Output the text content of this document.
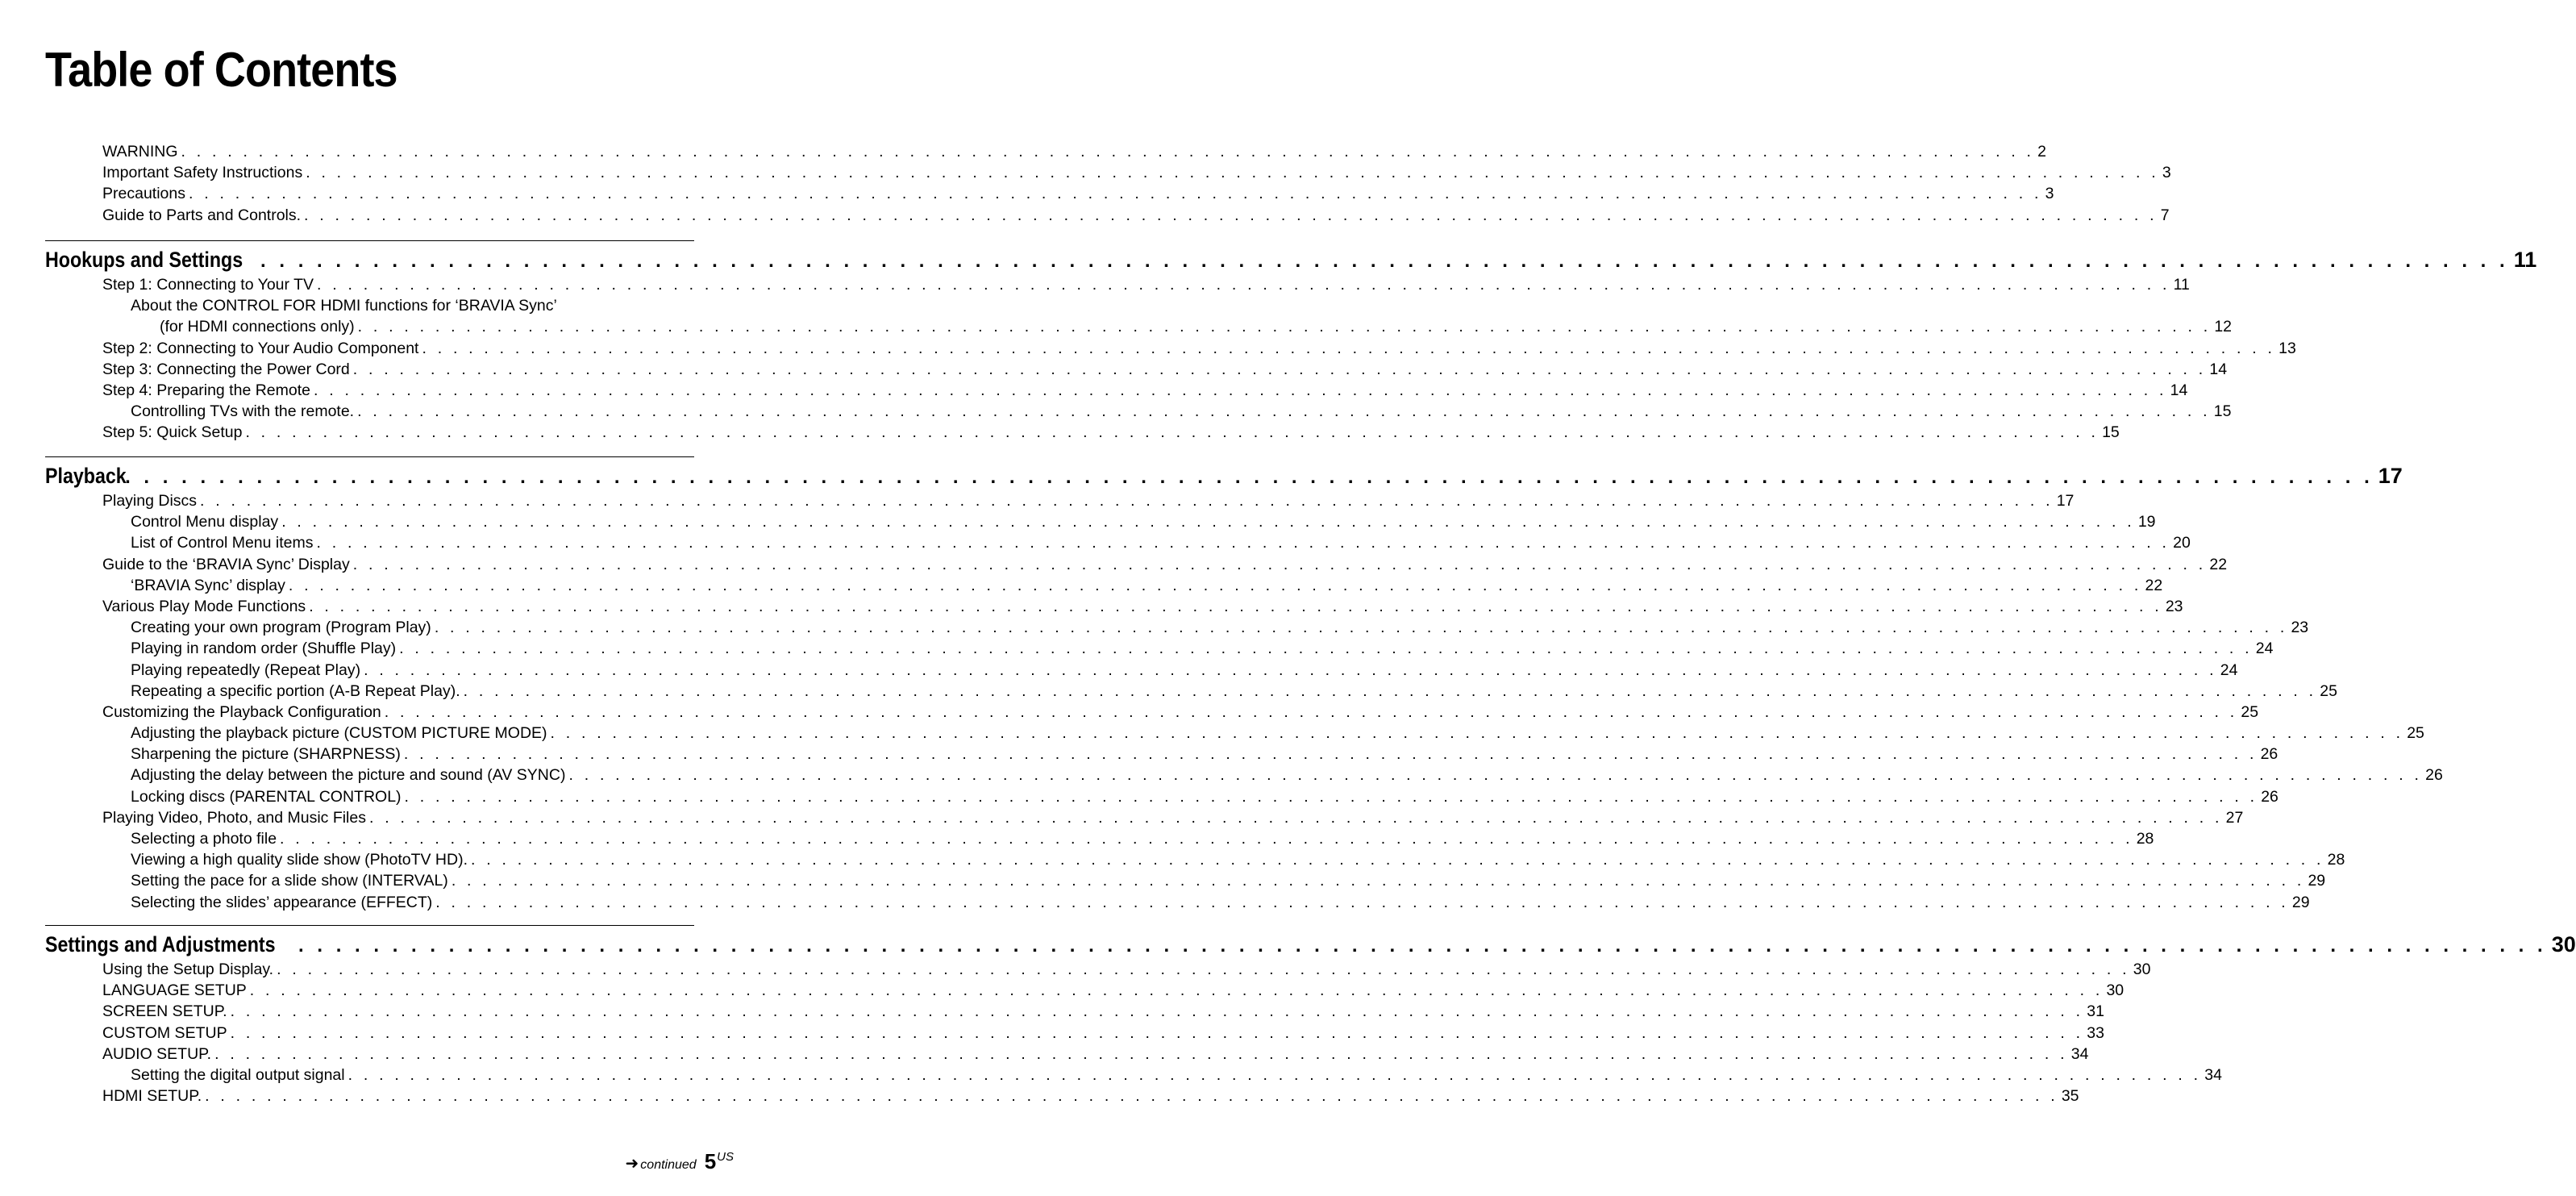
Table of Contents
WARNING . . . . . . . . . . . . . . . . . . . . . . . . . . . . . . . . . . . . . . . . . . . . . . . . . . . . . . . . . . . . . . . . . . . . . . . . . . . . . . . . . . . . . . . . . . . . . . . . . . . . . . . . . . . . . . . . . . . . . . . . 2
Important Safety Instructions . . . . . . . . . . . . . . . . . . . . . . . . . . . . . . . . . . . . . . . . . . . . . . . . . . . . . . . . . . . . . . . . . . . . . . . . . . . . . . . . . . . . . . . . . . . . . . . . . . . . . . . . . . . . . . . . . . . . . . . . 3
Precautions . . . . . . . . . . . . . . . . . . . . . . . . . . . . . . . . . . . . . . . . . . . . . . . . . . . . . . . . . . . . . . . . . . . . . . . . . . . . . . . . . . . . . . . . . . . . . . . . . . . . . . . . . . . . . . . . . . . . . . . . 3
Guide to Parts and Controls. . . . . . . . . . . . . . . . . . . . . . . . . . . . . . . . . . . . . . . . . . . . . . . . . . . . . . . . . . . . . . . . . . . . . . . . . . . . . . . . . . . . . . . . . . . . . . . . . . . . . . . . . . . . . . . . . . . . . . . . . 7
Hookups and Settings . . . . . . . . . . . . . . . . . . . . . . . . . . . . . . . . . . . . . . . . . . . . . . . . . . . . . . . . . . . . . . . . . . . . . . . . . . . . . . . . . . . . . . . . . . . . . . . . . . . . . . . . . . . . . . . . . . . . . . . . 11
Step 1: Connecting to Your TV . . . . . . . . . . . . . . . . . . . . . . . . . . . . . . . . . . . . . . . . . . . . . . . . . . . . . . . . . . . . . . . . . . . . . . . . . . . . . . . . . . . . . . . . . . . . . . . . . . . . . . . . . . . . . . . . . . . . . . . . 11
About the CONTROL FOR HDMI functions for ‘BRAVIA Sync’
(for HDMI connections only) . . . . . . . . . . . . . . . . . . . . . . . . . . . . . . . . . . . . . . . . . . . . . . . . . . . . . . . . . . . . . . . . . . . . . . . . . . . . . . . . . . . . . . . . . . . . . . . . . . . . . . . . . . . . . . . . . . . . . . . . 12
Step 2: Connecting to Your Audio Component . . . . . . . . . . . . . . . . . . . . . . . . . . . . . . . . . . . . . . . . . . . . . . . . . . . . . . . . . . . . . . . . . . . . . . . . . . . . . . . . . . . . . . . . . . . . . . . . . . . . . . . . . . . . . . . . . . . . . . . . 13
Step 3: Connecting the Power Cord . . . . . . . . . . . . . . . . . . . . . . . . . . . . . . . . . . . . . . . . . . . . . . . . . . . . . . . . . . . . . . . . . . . . . . . . . . . . . . . . . . . . . . . . . . . . . . . . . . . . . . . . . . . . . . . . . . . . . . . . 14
Step 4: Preparing the Remote . . . . . . . . . . . . . . . . . . . . . . . . . . . . . . . . . . . . . . . . . . . . . . . . . . . . . . . . . . . . . . . . . . . . . . . . . . . . . . . . . . . . . . . . . . . . . . . . . . . . . . . . . . . . . . . . . . . . . . . . 14
Controlling TVs with the remote. . . . . . . . . . . . . . . . . . . . . . . . . . . . . . . . . . . . . . . . . . . . . . . . . . . . . . . . . . . . . . . . . . . . . . . . . . . . . . . . . . . . . . . . . . . . . . . . . . . . . . . . . . . . . . . . . . . . . . . . . 15
Step 5: Quick Setup . . . . . . . . . . . . . . . . . . . . . . . . . . . . . . . . . . . . . . . . . . . . . . . . . . . . . . . . . . . . . . . . . . . . . . . . . . . . . . . . . . . . . . . . . . . . . . . . . . . . . . . . . . . . . . . . . . . . . . . . 15
Playback
. . . . . . . . . . . . . . . . . . . . . . . . . . . . . . . . . . . . . . . . . . . . . . . . . . . . . . . . . . . . . . . . . . . . . . . . . . . . . . . . . . . . . . . . . . . . . . . . . . . . . . . . . . . . . . . . . . . . . . . . 17
Playing Discs . . . . . . . . . . . . . . . . . . . . . . . . . . . . . . . . . . . . . . . . . . . . . . . . . . . . . . . . . . . . . . . . . . . . . . . . . . . . . . . . . . . . . . . . . . . . . . . . . . . . . . . . . . . . . . . . . . . . . . . . 17
Control Menu display . . . . . . . . . . . . . . . . . . . . . . . . . . . . . . . . . . . . . . . . . . . . . . . . . . . . . . . . . . . . . . . . . . . . . . . . . . . . . . . . . . . . . . . . . . . . . . . . . . . . . . . . . . . . . . . . . . . . . . . . 19
List of Control Menu items . . . . . . . . . . . . . . . . . . . . . . . . . . . . . . . . . . . . . . . . . . . . . . . . . . . . . . . . . . . . . . . . . . . . . . . . . . . . . . . . . . . . . . . . . . . . . . . . . . . . . . . . . . . . . . . . . . . . . . . . 20
Guide to the ‘BRAVIA Sync’ Display . . . . . . . . . . . . . . . . . . . . . . . . . . . . . . . . . . . . . . . . . . . . . . . . . . . . . . . . . . . . . . . . . . . . . . . . . . . . . . . . . . . . . . . . . . . . . . . . . . . . . . . . . . . . . . . . . . . . . . . . 22
‘BRAVIA Sync’ display . . . . . . . . . . . . . . . . . . . . . . . . . . . . . . . . . . . . . . . . . . . . . . . . . . . . . . . . . . . . . . . . . . . . . . . . . . . . . . . . . . . . . . . . . . . . . . . . . . . . . . . . . . . . . . . . . . . . . . . . 22
Various Play Mode Functions . . . . . . . . . . . . . . . . . . . . . . . . . . . . . . . . . . . . . . . . . . . . . . . . . . . . . . . . . . . . . . . . . . . . . . . . . . . . . . . . . . . . . . . . . . . . . . . . . . . . . . . . . . . . . . . . . . . . . . . . 23
Creating your own program (Program Play) . . . . . . . . . . . . . . . . . . . . . . . . . . . . . . . . . . . . . . . . . . . . . . . . . . . . . . . . . . . . . . . . . . . . . . . . . . . . . . . . . . . . . . . . . . . . . . . . . . . . . . . . . . . . . . . . . . . . . . . . 23
Playing in random order (Shuffle Play) . . . . . . . . . . . . . . . . . . . . . . . . . . . . . . . . . . . . . . . . . . . . . . . . . . . . . . . . . . . . . . . . . . . . . . . . . . . . . . . . . . . . . . . . . . . . . . . . . . . . . . . . . . . . . . . . . . . . . . . . 24
Playing repeatedly (Repeat Play) . . . . . . . . . . . . . . . . . . . . . . . . . . . . . . . . . . . . . . . . . . . . . . . . . . . . . . . . . . . . . . . . . . . . . . . . . . . . . . . . . . . . . . . . . . . . . . . . . . . . . . . . . . . . . . . . . . . . . . . . 24
Repeating a specific portion (A-B Repeat Play). . . . . . . . . . . . . . . . . . . . . . . . . . . . . . . . . . . . . . . . . . . . . . . . . . . . . . . . . . . . . . . . . . . . . . . . . . . . . . . . . . . . . . . . . . . . . . . . . . . . . . . . . . . . . . . . . . . . . . . . . 25
Customizing the Playback Configuration . . . . . . . . . . . . . . . . . . . . . . . . . . . . . . . . . . . . . . . . . . . . . . . . . . . . . . . . . . . . . . . . . . . . . . . . . . . . . . . . . . . . . . . . . . . . . . . . . . . . . . . . . . . . . . . . . . . . . . . . 25
Adjusting the playback picture (CUSTOM PICTURE MODE) . . . . . . . . . . . . . . . . . . . . . . . . . . . . . . . . . . . . . . . . . . . . . . . . . . . . . . . . . . . . . . . . . . . . . . . . . . . . . . . . . . . . . . . . . . . . . . . . . . . . . . . . . . . . . . . . . . . . . . . . 25
Sharpening the picture (SHARPNESS) . . . . . . . . . . . . . . . . . . . . . . . . . . . . . . . . . . . . . . . . . . . . . . . . . . . . . . . . . . . . . . . . . . . . . . . . . . . . . . . . . . . . . . . . . . . . . . . . . . . . . . . . . . . . . . . . . . . . . . . . 26
Adjusting the delay between the picture and sound (AV SYNC) . . . . . . . . . . . . . . . . . . . . . . . . . . . . . . . . . . . . . . . . . . . . . . . . . . . . . . . . . . . . . . . . . . . . . . . . . . . . . . . . . . . . . . . . . . . . . . . . . . . . . . . . . . . . . . . . . . . . . . . . 26
Locking discs (PARENTAL CONTROL) . . . . . . . . . . . . . . . . . . . . . . . . . . . . . . . . . . . . . . . . . . . . . . . . . . . . . . . . . . . . . . . . . . . . . . . . . . . . . . . . . . . . . . . . . . . . . . . . . . . . . . . . . . . . . . . . . . . . . . . . 26
Playing Video, Photo, and Music Files . . . . . . . . . . . . . . . . . . . . . . . . . . . . . . . . . . . . . . . . . . . . . . . . . . . . . . . . . . . . . . . . . . . . . . . . . . . . . . . . . . . . . . . . . . . . . . . . . . . . . . . . . . . . . . . . . . . . . . . . 27
Selecting a photo file . . . . . . . . . . . . . . . . . . . . . . . . . . . . . . . . . . . . . . . . . . . . . . . . . . . . . . . . . . . . . . . . . . . . . . . . . . . . . . . . . . . . . . . . . . . . . . . . . . . . . . . . . . . . . . . . . . . . . . . . 28
Viewing a high quality slide show (PhotoTV HD). . . . . . . . . . . . . . . . . . . . . . . . . . . . . . . . . . . . . . . . . . . . . . . . . . . . . . . . . . . . . . . . . . . . . . . . . . . . . . . . . . . . . . . . . . . . . . . . . . . . . . . . . . . . . . . . . . . . . . . . . 28
Setting the pace for a slide show (INTERVAL) . . . . . . . . . . . . . . . . . . . . . . . . . . . . . . . . . . . . . . . . . . . . . . . . . . . . . . . . . . . . . . . . . . . . . . . . . . . . . . . . . . . . . . . . . . . . . . . . . . . . . . . . . . . . . . . . . . . . . . . . 29
Selecting the slides’ appearance (EFFECT) . . . . . . . . . . . . . . . . . . . . . . . . . . . . . . . . . . . . . . . . . . . . . . . . . . . . . . . . . . . . . . . . . . . . . . . . . . . . . . . . . . . . . . . . . . . . . . . . . . . . . . . . . . . . . . . . . . . . . . . . 29
Settings and Adjustments . . . . . . . . . . . . . . . . . . . . . . . . . . . . . . . . . . . . . . . . . . . . . . . . . . . . . . . . . . . . . . . . . . . . . . . . . . . . . . . . . . . . . . . . . . . . . . . . . . . . . . . . . . . . . . . . . . . . . . . . 30
Using the Setup Display. . . . . . . . . . . . . . . . . . . . . . . . . . . . . . . . . . . . . . . . . . . . . . . . . . . . . . . . . . . . . . . . . . . . . . . . . . . . . . . . . . . . . . . . . . . . . . . . . . . . . . . . . . . . . . . . . . . . . . . . . 30
LANGUAGE SETUP . . . . . . . . . . . . . . . . . . . . . . . . . . . . . . . . . . . . . . . . . . . . . . . . . . . . . . . . . . . . . . . . . . . . . . . . . . . . . . . . . . . . . . . . . . . . . . . . . . . . . . . . . . . . . . . . . . . . . . . . 30
SCREEN SETUP. . . . . . . . . . . . . . . . . . . . . . . . . . . . . . . . . . . . . . . . . . . . . . . . . . . . . . . . . . . . . . . . . . . . . . . . . . . . . . . . . . . . . . . . . . . . . . . . . . . . . . . . . . . . . . . . . . . . . . . . . 31
CUSTOM SETUP . . . . . . . . . . . . . . . . . . . . . . . . . . . . . . . . . . . . . . . . . . . . . . . . . . . . . . . . . . . . . . . . . . . . . . . . . . . . . . . . . . . . . . . . . . . . . . . . . . . . . . . . . . . . . . . . . . . . . . . . 33
AUDIO SETUP. . . . . . . . . . . . . . . . . . . . . . . . . . . . . . . . . . . . . . . . . . . . . . . . . . . . . . . . . . . . . . . . . . . . . . . . . . . . . . . . . . . . . . . . . . . . . . . . . . . . . . . . . . . . . . . . . . . . . . . . . 34
Setting the digital output signal . . . . . . . . . . . . . . . . . . . . . . . . . . . . . . . . . . . . . . . . . . . . . . . . . . . . . . . . . . . . . . . . . . . . . . . . . . . . . . . . . . . . . . . . . . . . . . . . . . . . . . . . . . . . . . . . . . . . . . . . 34
HDMI SETUP. . . . . . . . . . . . . . . . . . . . . . . . . . . . . . . . . . . . . . . . . . . . . . . . . . . . . . . . . . . . . . . . . . . . . . . . . . . . . . . . . . . . . . . . . . . . . . . . . . . . . . . . . . . . . . . . . . . . . . . . . 35
➜ continued 5 US
